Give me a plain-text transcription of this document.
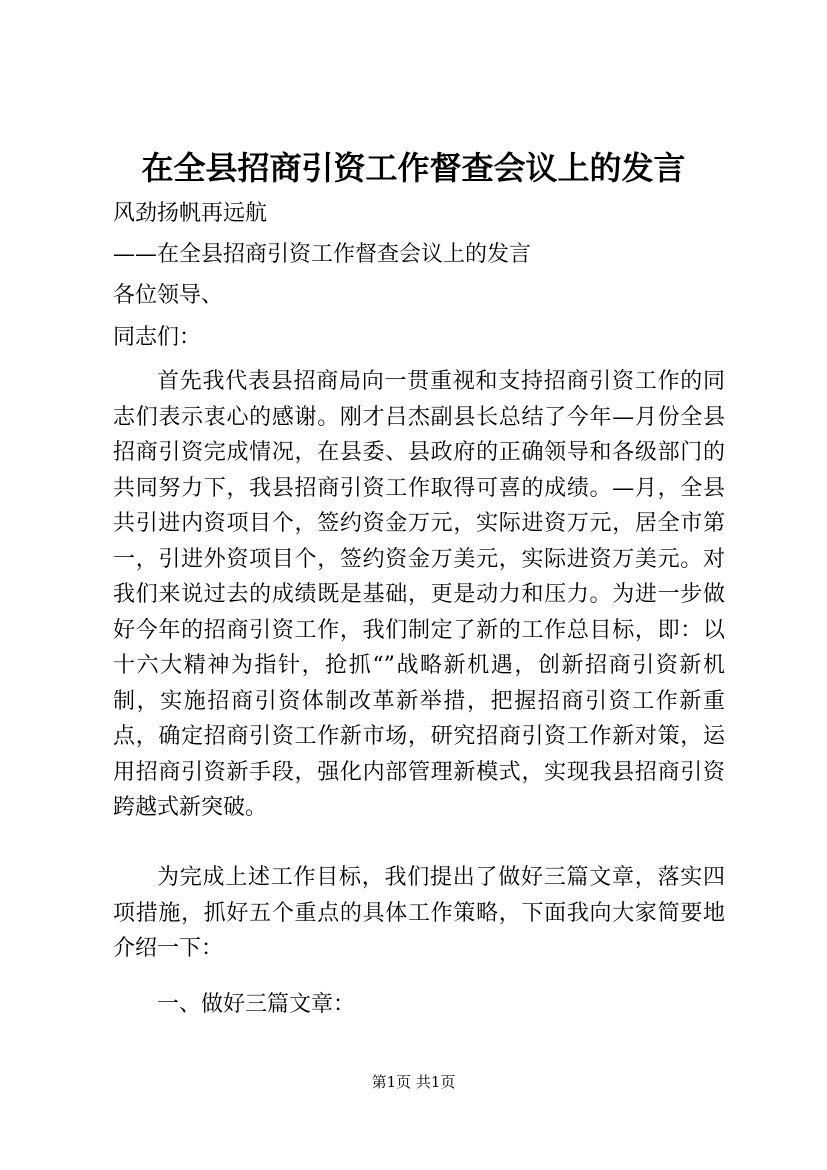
在全县招商引资工作督查会议上的发言
风劲扬帆再远航
——在全县招商引资工作督查会议上的发言
各位领导、
同志们：

首先我代表县招商局向一贯重视和支持招商引资工作的同志们表示衷心的感谢。刚才吕杰副县长总结了今年—月份全县招商引资完成情况，在县委、县政府的正确领导和各级部门的共同努力下，我县招商引资工作取得可喜的成绩。—月，全县共引进内资项目个，签约资金万元，实际进资万元，居全市第一，引进外资项目个，签约资金万美元，实际进资万美元。对我们来说过去的成绩既是基础，更是动力和压力。为进一步做好今年的招商引资工作，我们制定了新的工作总目标，即：以十六大精神为指针，抢抓“”战略新机遇，创新招商引资新机制，实施招商引资体制改革新举措，把握招商引资工作新重点，确定招商引资工作新市场，研究招商引资工作新对策，运用招商引资新手段，强化内部管理新模式，实现我县招商引资跨越式新突破。

为完成上述工作目标，我们提出了做好三篇文章，落实四项措施，抓好五个重点的具体工作策略，下面我向大家简要地介绍一下：

一、做好三篇文章：
第1页 共1页
